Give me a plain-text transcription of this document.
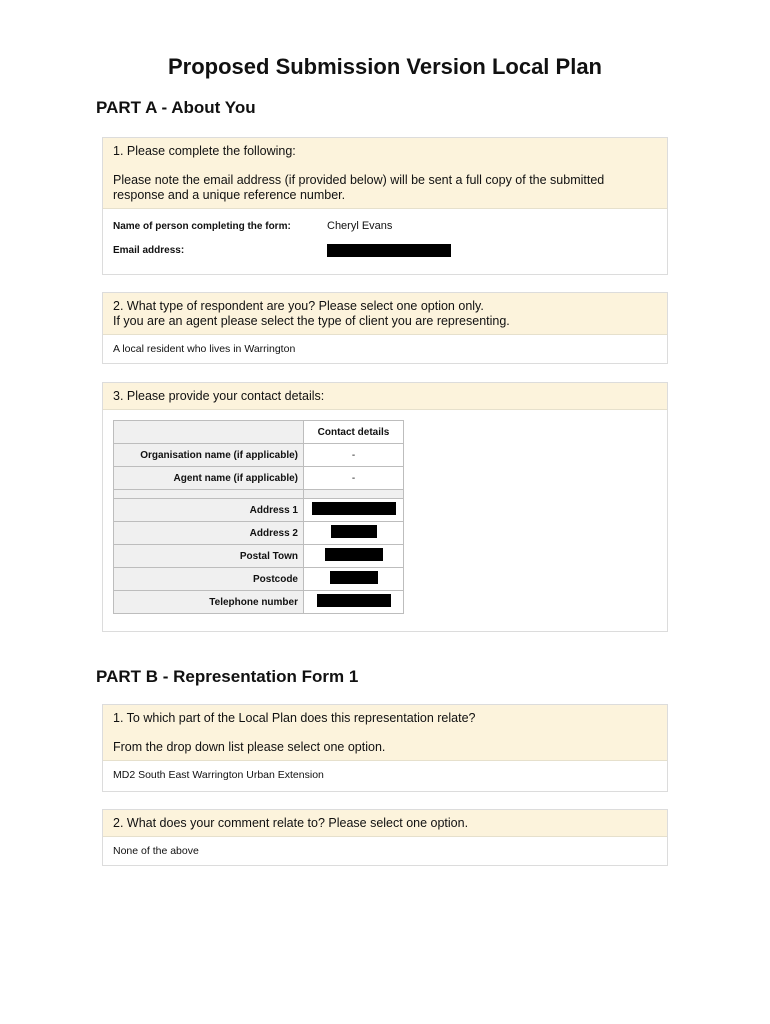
Proposed Submission Version Local Plan
PART A - About You

1. Please complete the following:

Please note the email address (if provided below) will be sent a full copy of the submitted response and a unique reference number.

Name of person completing the form:	Cheryl Evans
Email address:

2. What type of respondent are you? Please select one option only.

If you are an agent please select the type of client you are representing.

A local resident who lives in Warrington

3. Please provide your contact details:

	Contact details
Organisation name (if applicable)	-
Agent name (if applicable)	-

Address 1	
Address 2	
Postal Town	
Postcode	
Telephone number	
PART B - Representation Form 1

1. To which part of the Local Plan does this representation relate?

From the drop down list please select one option.

MD2 South East Warrington Urban Extension

2. What does your comment relate to? Please select one option.

None of the above
